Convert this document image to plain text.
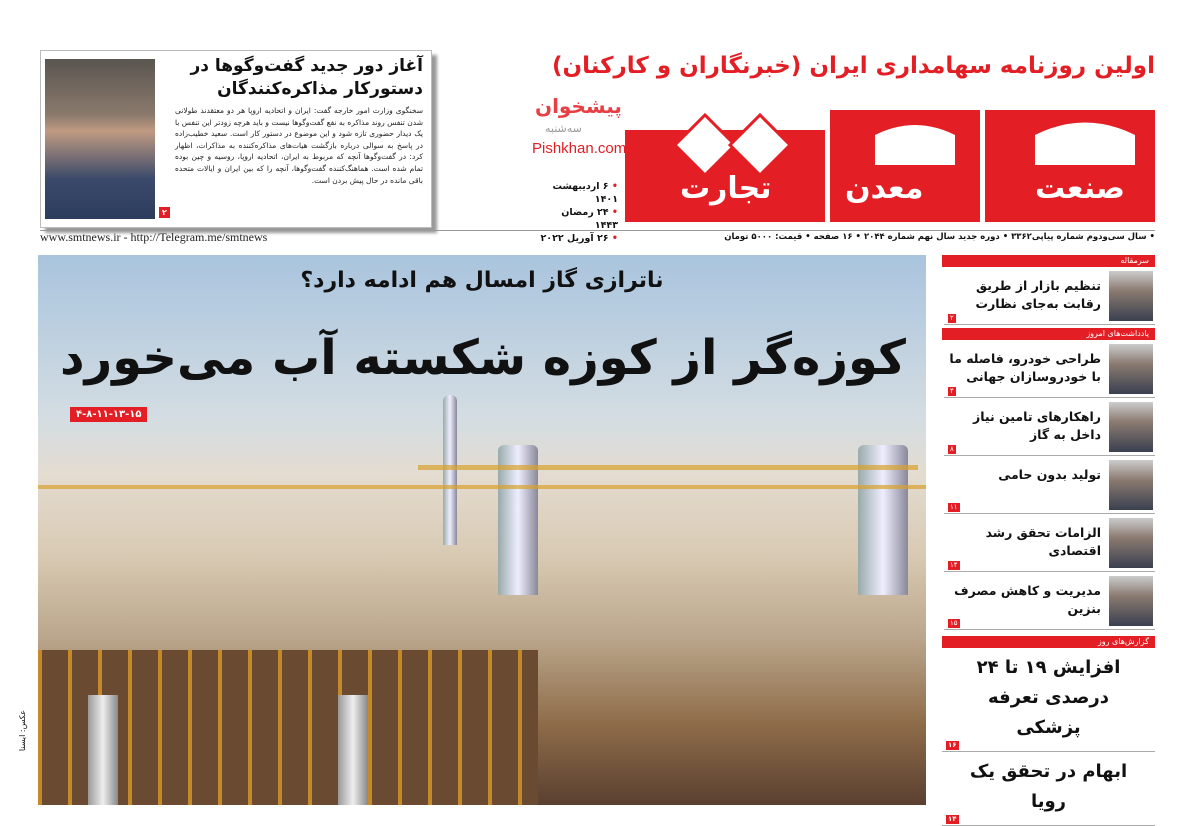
آغاز دور جدید گفت‌وگوها در دستورکار مذاکره‌کنندگان
سخنگوی وزارت امور خارجه گفت: ایران و اتحادیه اروپا هر دو معتقدند طولانی شدن تنفس روند مذاکره به نفع گفت‌وگوها نیست و باید هرچه زودتر این تنفس با یک دیدار حضوری تازه شود و این موضوع در دستور کار است. سعید خطیب‌زاده در پاسخ به سوالی درباره بازگشت هیات‌های مذاکره‌کننده به مذاکرات، اظهار کرد: در گفت‌وگوها آنچه که مربوط به ایران، اتحادیه اروپا، روسیه و چین بوده تمام شده است. هماهنگ‌کننده گفت‌وگوها، آنچه را که بین ایران و ایالات متحده باقی مانده در حال پیش بردن است.
۲
www.smtnews.ir - http://Telegram.me/smtnews
اولین روزنامه سهامداری ایران (خبرنگاران و کارکنان)
صنعت
معدن
تجارت
پیشخوان
سه‌شنبه
Pishkhan.com
• ۶ اردیبهشت ۱۴۰۱
• ۲۴ رمضان ۱۴۴۳
• ۲۶ آوریل ۲۰۲۲	• سال سی‌ودوم شماره پیاپی۳۳۶۲ • دوره جدید سال نهم شماره ۲۰۴۴ • ۱۶ صفحه • قیمت: ۵۰۰۰ تومان
ناترازی گاز امسال هم ادامه دارد؟
کوزه‌گر از کوزه شکسته آب می‌خورد
۴-۸-۱۱-۱۳-۱۵
عکس: ایسنا
سرمقاله
تنظیم بازار از طریق رقابت به‌جای نظارت
۲
یادداشت‌های امروز
طراحی خودرو، فاصله ما با خودروسازان جهانی
۴
راهکارهای تامین نیاز داخل به گاز
۸
تولید بدون حامی
۱۱
الزامات تحقق رشد اقتصادی
۱۴
مدیریت و کاهش مصرف بنزین
۱۵
گزارش‌های روز
افزایش ۱۹ تا ۲۴ درصدی تعرفه پزشکی
۱۶
ابهام در تحقق یک رویا
۱۴
